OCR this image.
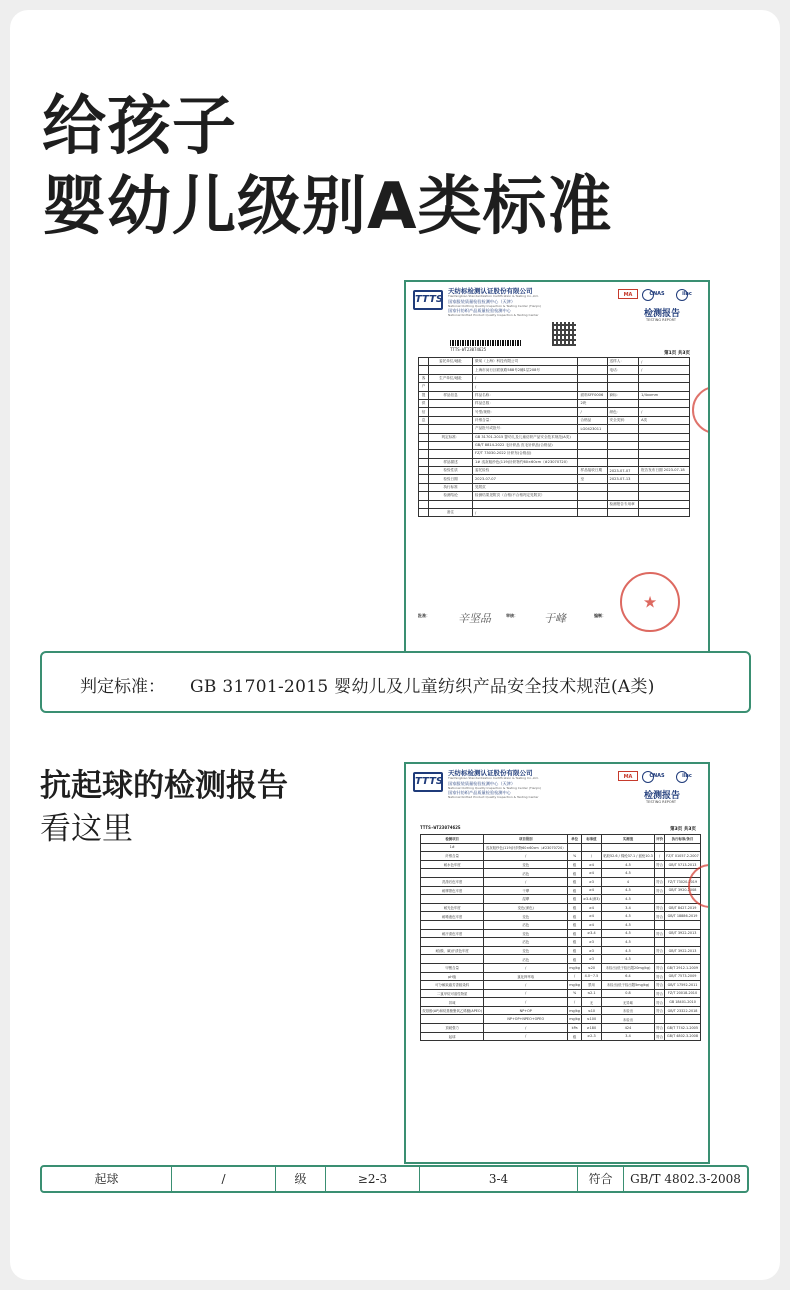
给孩子
婴幼儿级别A类标准
TTTS
天纺标检测认证股份有限公司
Tianfangbiao Standardization Certification & Testing Co.,Ltd.
国家服装质量检验检测中心（天津）
National Clothing Quality Inspection & Testing Center (Tianjin)
国家针纺织产品质量检验检测中心
National Knitted Product Quality Inspection & Testing Center
MA	CNAS	ilac
检测报告
TESTING REPORT
TTTS-WT23074625
第1页 共3页
	委托单位/地址	微氧（上海）科技有限公司		送样人：	/
		上海市闵行区联航路588号2幢1层208号		电话：	/
客	生产单位/地址	/			
户		/			
提	样品信息	样品名称：	面料SFF0006	商标：	1/4xxmm
供		样品总数：	2块		
信		号型/规格：	/	颜色：	/
息		纤维含量：	合格品	安全类别：	A类
		产品批号或批号：	LG0423011		
	判定标准：	GB 31701-2015 婴幼儿及儿童纺织产品安全技术规范(A类)			
		GB/T 8814-2022 毛针织品 皮毛针织品(合格品)			
		FZ/T 73030-2022 针织布(合格品)			
	样品描述	1# 浅灰粗纱色(119)针织物约60×60cm（#23070720）			
	检验性质	委托检验	样品接收日期	2023-07-07	报告发布日期 2023-07-18
	检验日期	2023-07-07	至	2023-07-13	
	执行标准	见附页			
	检测结论	检测结果见附页（合格/不合格判定见附页）			
				检测报告专用章	
	备注	/			
批准：	辛坚品	审核： 于峰	编制：
★
判定标准： GB 31701-2015 婴幼儿及儿童纺织产品安全技术规范(A类)
抗起球的检测报告
看这里
TTTS
天纺标检测认证股份有限公司
Tianfangbiao Standardization Certification & Testing Co.,Ltd.
国家服装质量检验检测中心（天津）
National Clothing Quality Inspection & Testing Center (Tianjin)
国家针纺织产品质量检验检测中心
National Knitted Product Quality Inspection & Testing Center
MA	CNAS	ilac
检测报告
TESTING REPORT
TTTS-WT23074625	第3页 共3页
检测项目	项目级别	单位	标准值	实测值	评价	执行标准/条目
1#	浅灰粗纱色(119)针织物60×60cm（#23070720）					
纤维含量	/	%	/	粘胶52.6 / 锦纶37.1 / 氨纶10.3	/	FZ/T 01057.2-2007
耐水色牢度	变色	级	≥4	4-5	符合	GB/T 5713-2013
	沾色	级	≥4	4-5		
洗涤后色牢度	/	级	≥3	4	符合	FZ/T 73020-2019
耐摩擦色牢度	干摩	级	≥4	4-5	符合	GB/T 3920-2008
	湿摩	级	≥3-4(深3)	4-5		
耐光色牢度	变色(深色)	级	≥4	3-4	符合	GB/T 8427-2019
耐唾液色牢度	变色	级	≥4	4-5	符合	GB/T 18886-2019
	沾色	级	≥4	4-5		
耐汗渍色牢度	变色	级	≥3-4	4-5	符合	GB/T 3922-2013
	沾色	级	≥3	4-5		
耐(酸、碱)汗渍色牢度	变色	级	≥3	4-5	符合	GB/T 3922-2013
	沾色	级	≥3	4-5		
甲醛含量	/	mg/kg	≤20	未检出(低于检出限20mg/kg)	符合	GB/T 2912.1-2009
pH值	氯化钾萃取	/	4.0~7.5	6.4	符合	GB/T 7573-2009
可分解致癌芳香胺染料	/	mg/kg	禁用	未检出(低于检出限5mg/kg)	符合	GB/T 17592-2011
二氯甲烷可溶性物质	/	%	≤2.1	0.8	符合	FZ/T 20018-2010
异味	/	/	无	无异味	符合	GB 18401-2010
烷基酚(AP)和烷基酚聚氧乙烯醚(APEO)	NP+OP	mg/kg	≤10	未检出	符合	GB/T 23322-2018
	NP+OP+NPEO+OPEO	mg/kg	≤100	未检出		
顶破强力	/	kPa	≥180	424	符合	GB/T 7742.1-2005
起球	/	级	≥2-3	3-4	符合	GB/T 4802.3-2008
起球	/	级	≥2-3	3-4	符合	GB/T 4802.3-2008
